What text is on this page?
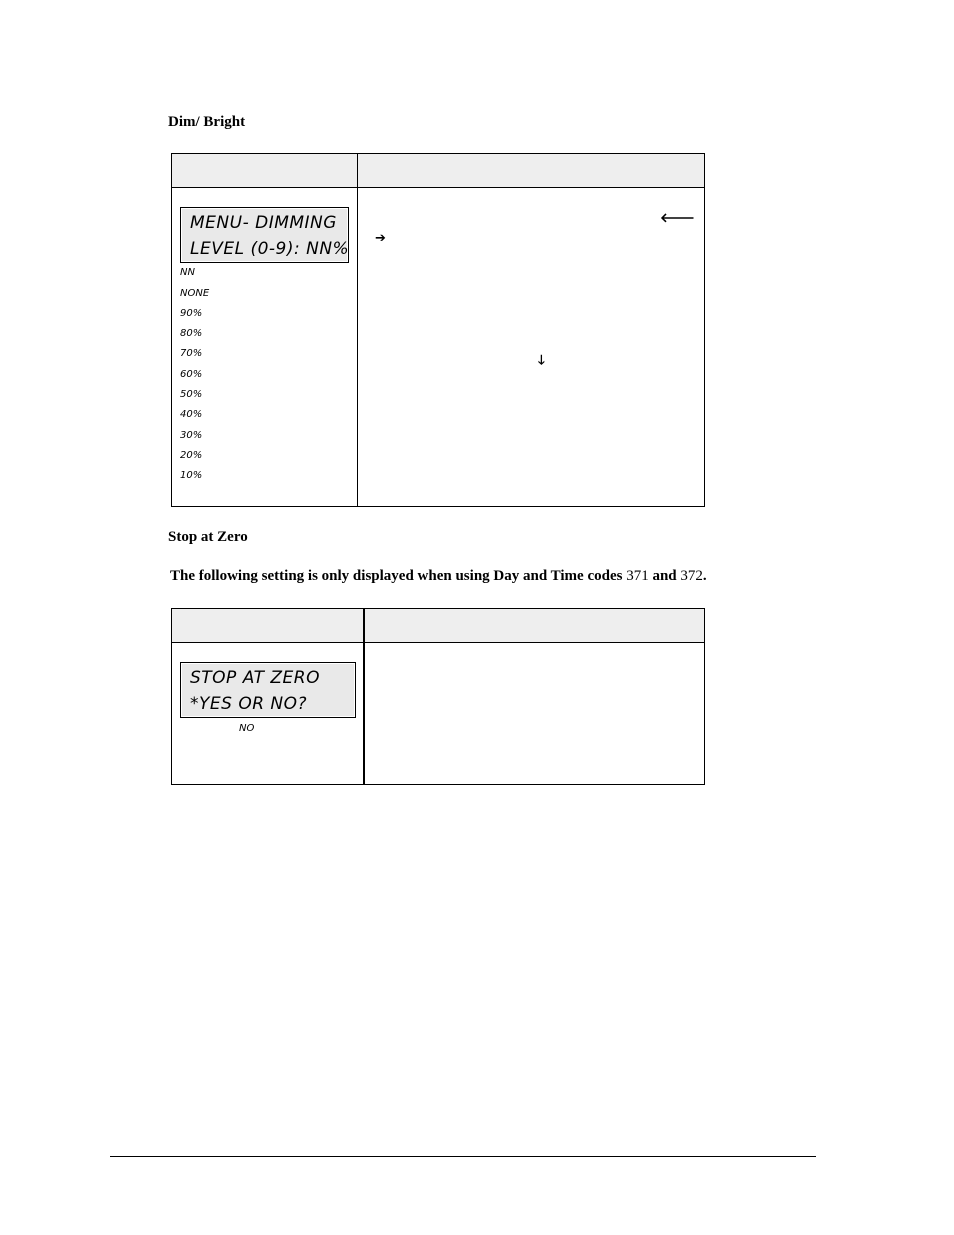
Dim/ Bright
MENU- DIMMING
LEVEL (0-9): NN%
NN
NONE
90%
80%
70%
60%
50%
40%
30%
20%
10%
🡐
➔
🡓
Stop at Zero
The following setting is only displayed when using Day and Time codes 371 and 372.
STOP AT ZERO
*YES OR NO?
NO
